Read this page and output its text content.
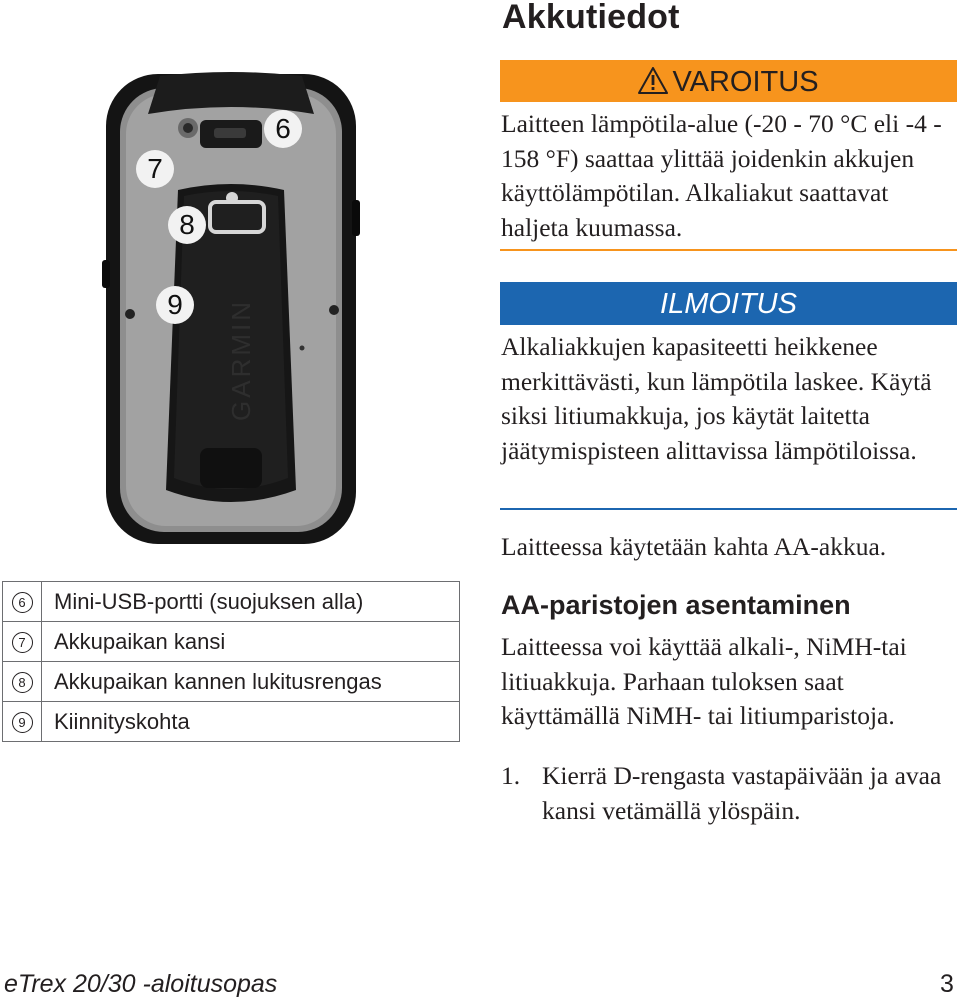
GARMIN
6
7
8
9
6	Mini-USB-portti (suojuksen alla)
7	Akkupaikan kansi
8	Akkupaikan kannen lukitusrengas
9	Kiinnityskohta
Akkutiedot
VAROITUS
Laitteen lämpötila-alue (-20 - 70 °C eli -4 - 158 °F) saattaa ylittää joidenkin akkujen käyttölämpötilan. Alkaliakut saattavat haljeta kuumassa.
ILMOITUS
Alkaliakkujen kapasiteetti heikkenee merkittävästi, kun lämpötila laskee. Käytä siksi litiumakkuja, jos käytät laitetta jäätymispisteen alittavissa lämpötiloissa.
Laitteessa käytetään kahta AA-akkua.
AA-paristojen asentaminen
Laitteessa voi käyttää alkali-, NiMH-tai litiuakkuja. Parhaan tuloksen saat käyttämällä NiMH- tai litiumparistoja.
1. Kierrä D-rengasta vastapäivään ja avaa kansi vetämällä ylöspäin.
eTrex 20/30 -aloitusopas	3
